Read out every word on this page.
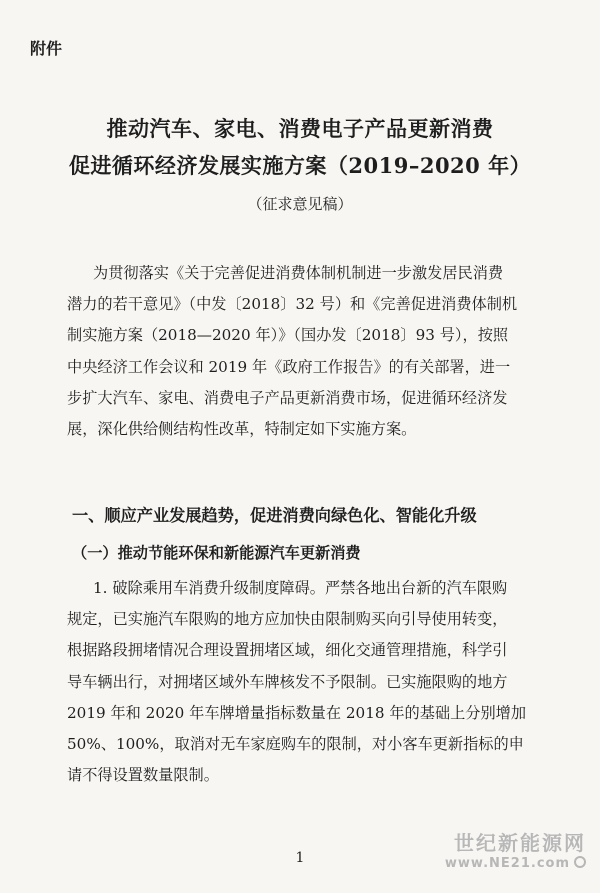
附件
推动汽车、家电、消费电子产品更新消费
促进循环经济发展实施方案（2019–2020 年）
（征求意见稿）
为贯彻落实《关于完善促进消费体制机制进一步激发居民消费
潜力的若干意见》（中发〔2018〕32 号）和《完善促进消费体制机
制实施方案（2018—2020 年）》（国办发〔2018〕93 号），按照
中央经济工作会议和 2019 年《政府工作报告》的有关部署，进一
步扩大汽车、家电、消费电子产品更新消费市场，促进循环经济发
展，深化供给侧结构性改革，特制定如下实施方案。
一、顺应产业发展趋势，促进消费向绿色化、智能化升级
（一）推动节能环保和新能源汽车更新消费
1. 破除乘用车消费升级制度障碍。严禁各地出台新的汽车限购
规定，已实施汽车限购的地方应加快由限制购买向引导使用转变，
根据路段拥堵情况合理设置拥堵区域，细化交通管理措施，科学引
导车辆出行，对拥堵区域外车牌核发不予限制。已实施限购的地方
2019 年和 2020 年车牌增量指标数量在 2018 年的基础上分别增加
50%、100%，取消对无车家庭购车的限制，对小客车更新指标的申
请不得设置数量限制。
1
世纪新能源网
www.NE21.com
